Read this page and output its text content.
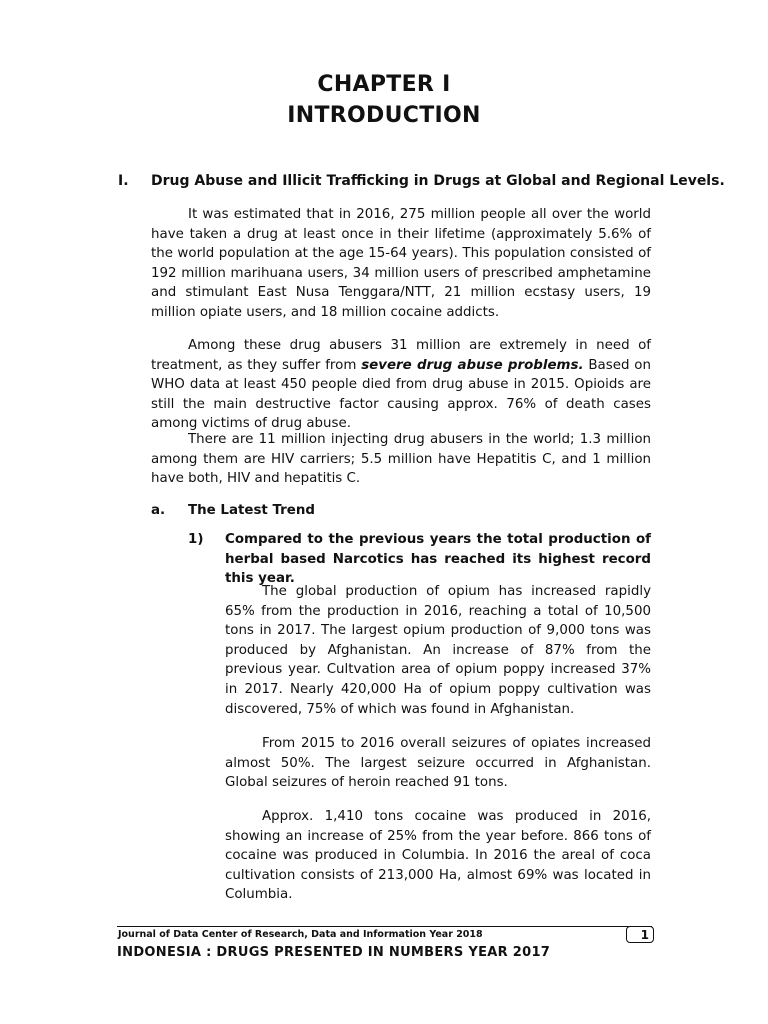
CHAPTER I
INTRODUCTION
I. Drug Abuse and Illicit Trafficking in Drugs at Global and Regional Levels.

It was estimated that in 2016, 275 million people all over the world have taken a drug at least once in their lifetime (approximately 5.6% of the world population at the age 15-64 years). This population consisted of 192 million marihuana users, 34 million users of prescribed amphetamine and stimulant East Nusa Tenggara/NTT, 21 million ecstasy users, 19 million opiate users, and 18 million cocaine addicts.

Among these drug abusers 31 million are extremely in need of treatment, as they suffer from severe drug abuse problems. Based on WHO data at least 450 people died from drug abuse in 2015. Opioids are still the main destructive factor causing approx. 76% of death cases among victims of drug abuse.

There are 11 million injecting drug abusers in the world; 1.3 million among them are HIV carriers; 5.5 million have Hepatitis C, and 1 million have both, HIV and hepatitis C.

a. The Latest Trend
1) Compared to the previous years the total production of herbal based Narcotics has reached its highest record this year.

The global production of opium has increased rapidly 65% from the production in 2016, reaching a total of 10,500 tons in 2017. The largest opium production of 9,000 tons was produced by Afghanistan. An increase of 87% from the previous year. Cultvation area of opium poppy increased 37% in 2017. Nearly 420,000 Ha of opium poppy cultivation was discovered, 75% of which was found in Afghanistan.

From 2015 to 2016 overall seizures of opiates increased almost 50%. The largest seizure occurred in Afghanistan. Global seizures of heroin reached 91 tons.

Approx. 1,410 tons cocaine was produced in 2016, showing an increase of 25% from the year before. 866 tons of cocaine was produced in Columbia. In 2016 the areal of coca cultivation consists of 213,000 Ha, almost 69% was located in Columbia.

Journal of Data Center of Research, Data and Information Year 2018	1
INDONESIA : DRUGS PRESENTED IN NUMBERS YEAR 2017
